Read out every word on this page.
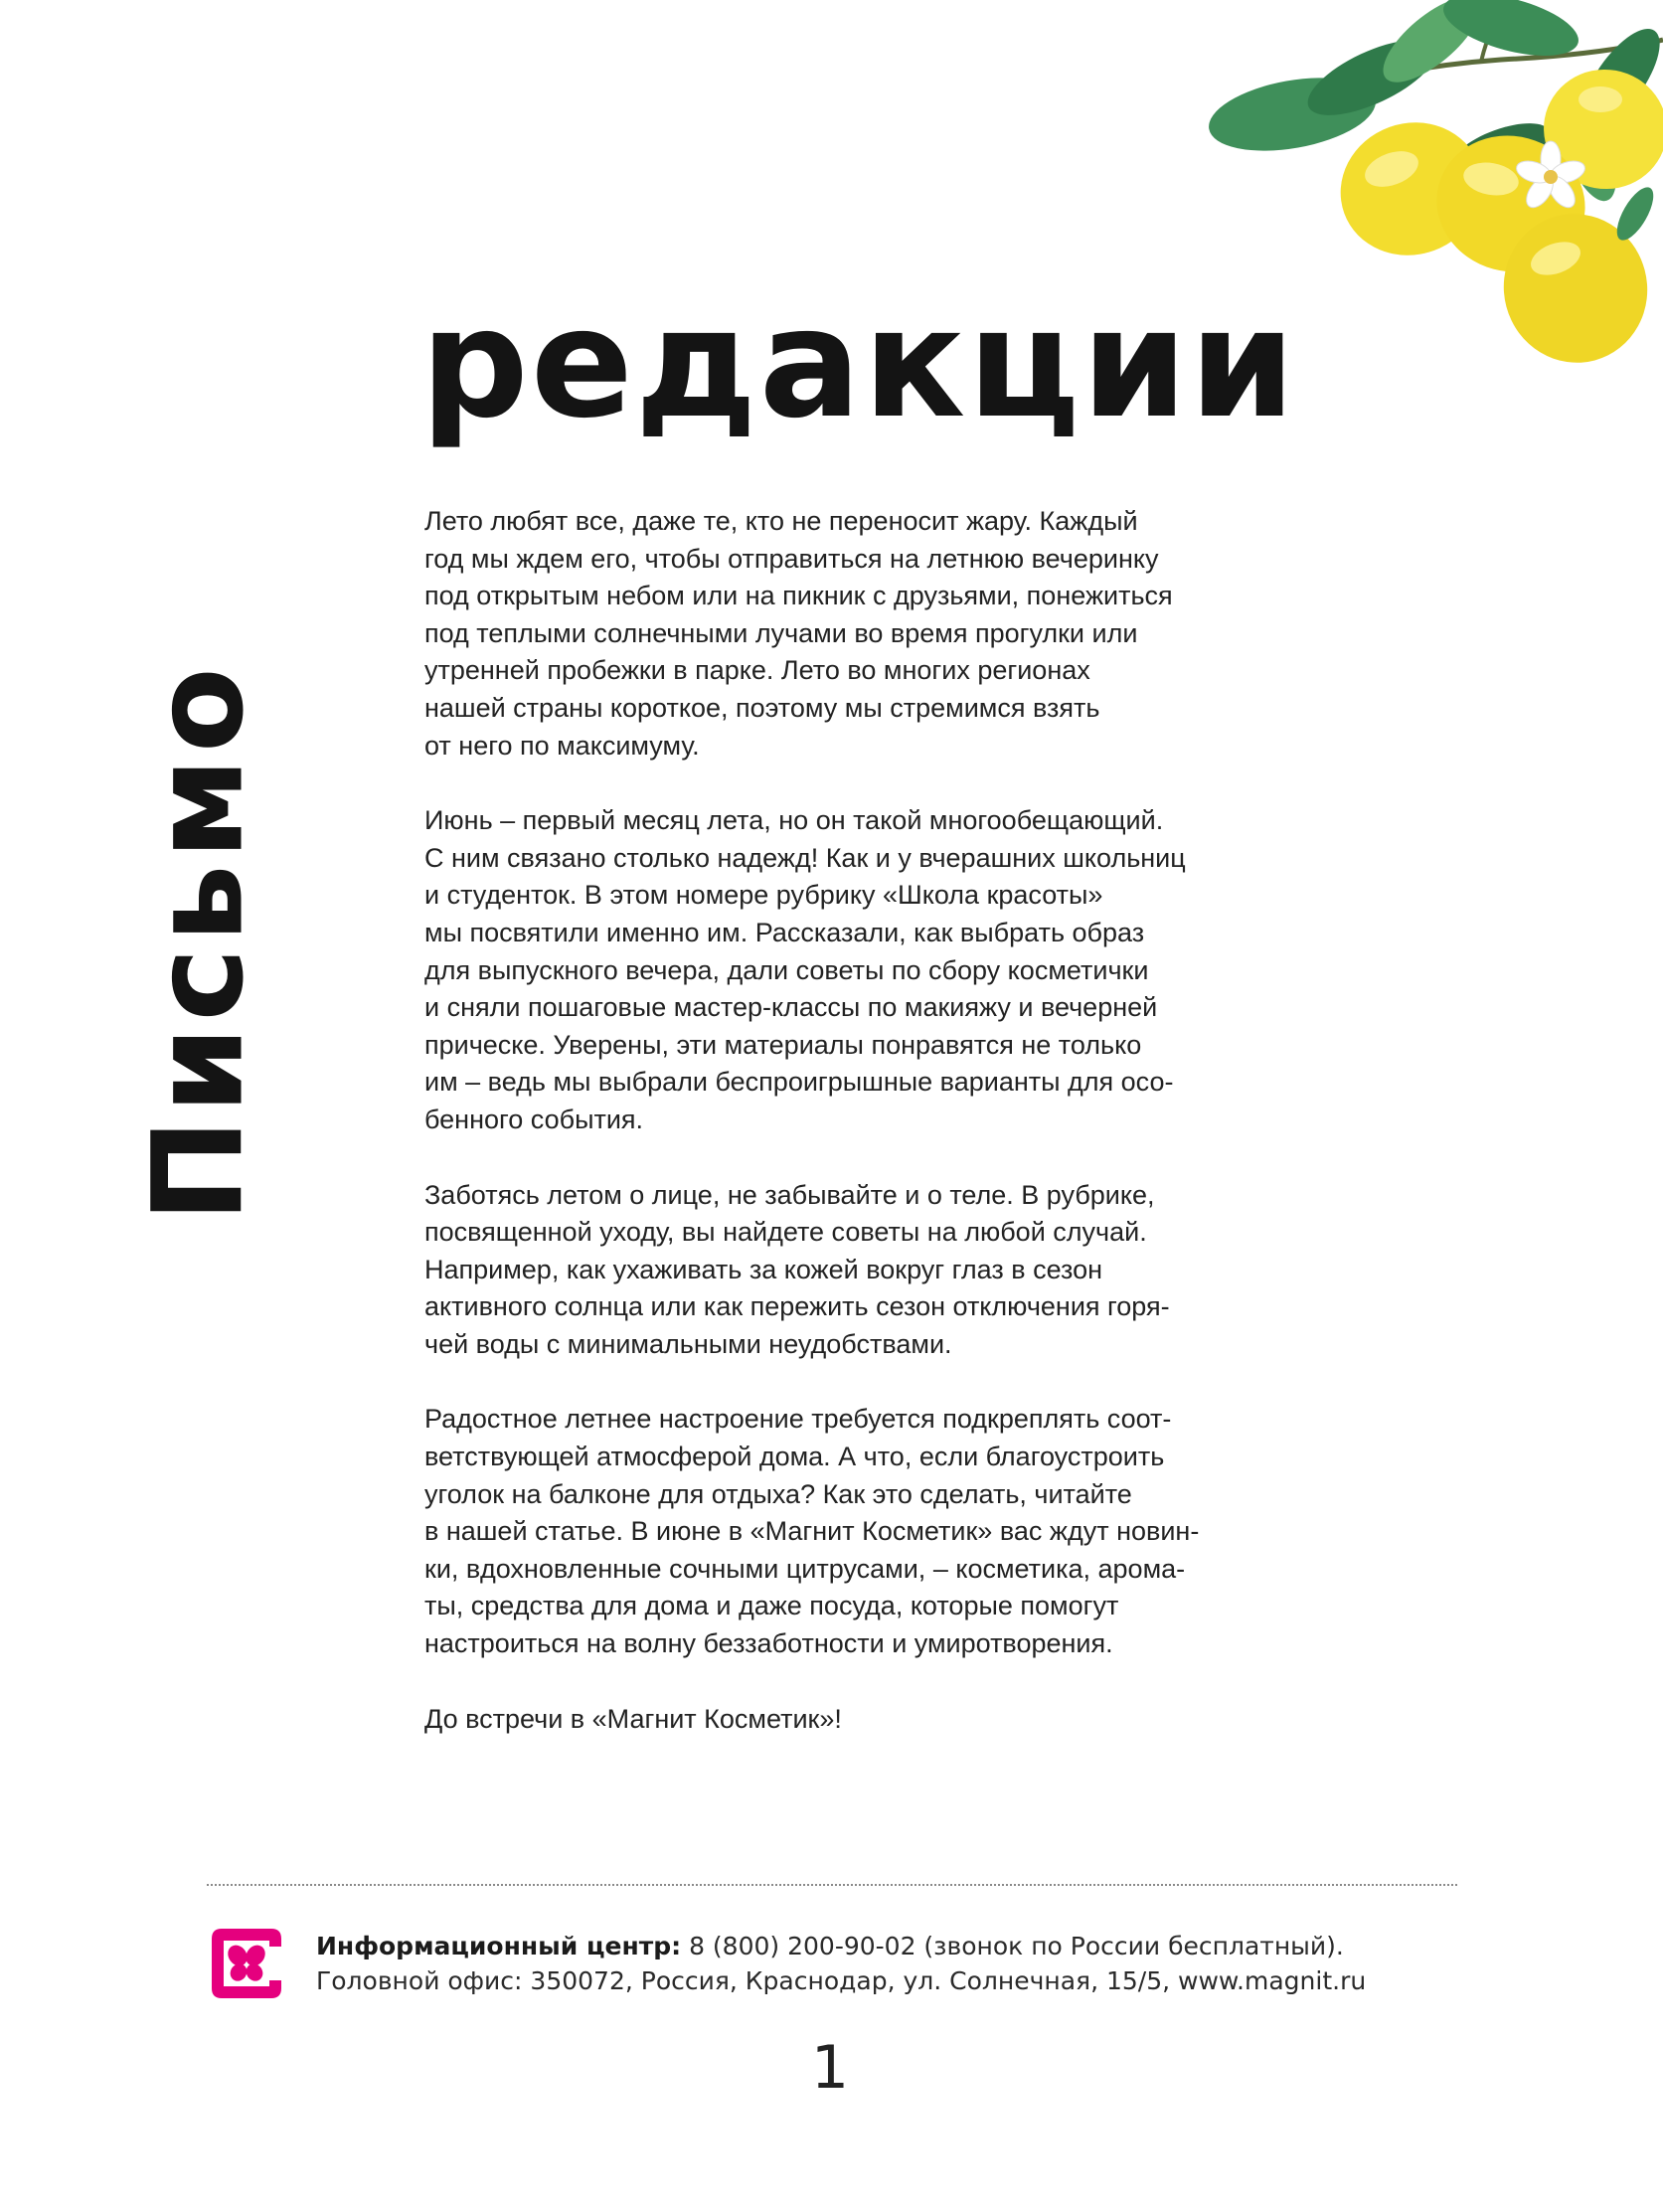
редакции
Письмо

Лето любят все, даже те, кто не переносит жару. Каждый
год мы ждем его, чтобы отправиться на летнюю вечеринку
под открытым небом или на пикник с друзьями, понежиться
под теплыми солнечными лучами во время прогулки или
утренней пробежки в парке. Лето во многих регионах
нашей страны короткое, поэтому мы стремимся взять
от него по максимуму.

Июнь – первый месяц лета, но он такой многообещающий.
С ним связано столько надежд! Как и у вчерашних школьниц
и студенток. В этом номере рубрику «Школа красоты»
мы посвятили именно им. Рассказали, как выбрать образ
для выпускного вечера, дали советы по сбору косметички
и сняли пошаговые мастер-классы по макияжу и вечерней
прическе. Уверены, эти материалы понравятся не только
им – ведь мы выбрали беспроигрышные варианты для осо-
бенного события.

Заботясь летом о лице, не забывайте и о теле. В рубрике,
посвященной уходу, вы найдете советы на любой случай.
Например, как ухаживать за кожей вокруг глаз в сезон
активного солнца или как пережить сезон отключения горя-
чей воды с минимальными неудобствами.

Радостное летнее настроение требуется подкреплять соот-
ветствующей атмосферой дома. А что, если благоустроить
уголок на балконе для отдыха? Как это сделать, читайте
в нашей статье. В июне в «Магнит Косметик» вас ждут новин-
ки, вдохновленные сочными цитрусами, – косметика, арома-
ты, средства для дома и даже посуда, которые помогут
настроиться на волну беззаботности и умиротворения.

До встречи в «Магнит Косметик»!

Информационный центр: 8 (800) 200-90-02 (звонок по России бесплатный).
Головной офис: 350072, Россия, Краснодар, ул. Солнечная, 15/5, www.magnit.ru
1
